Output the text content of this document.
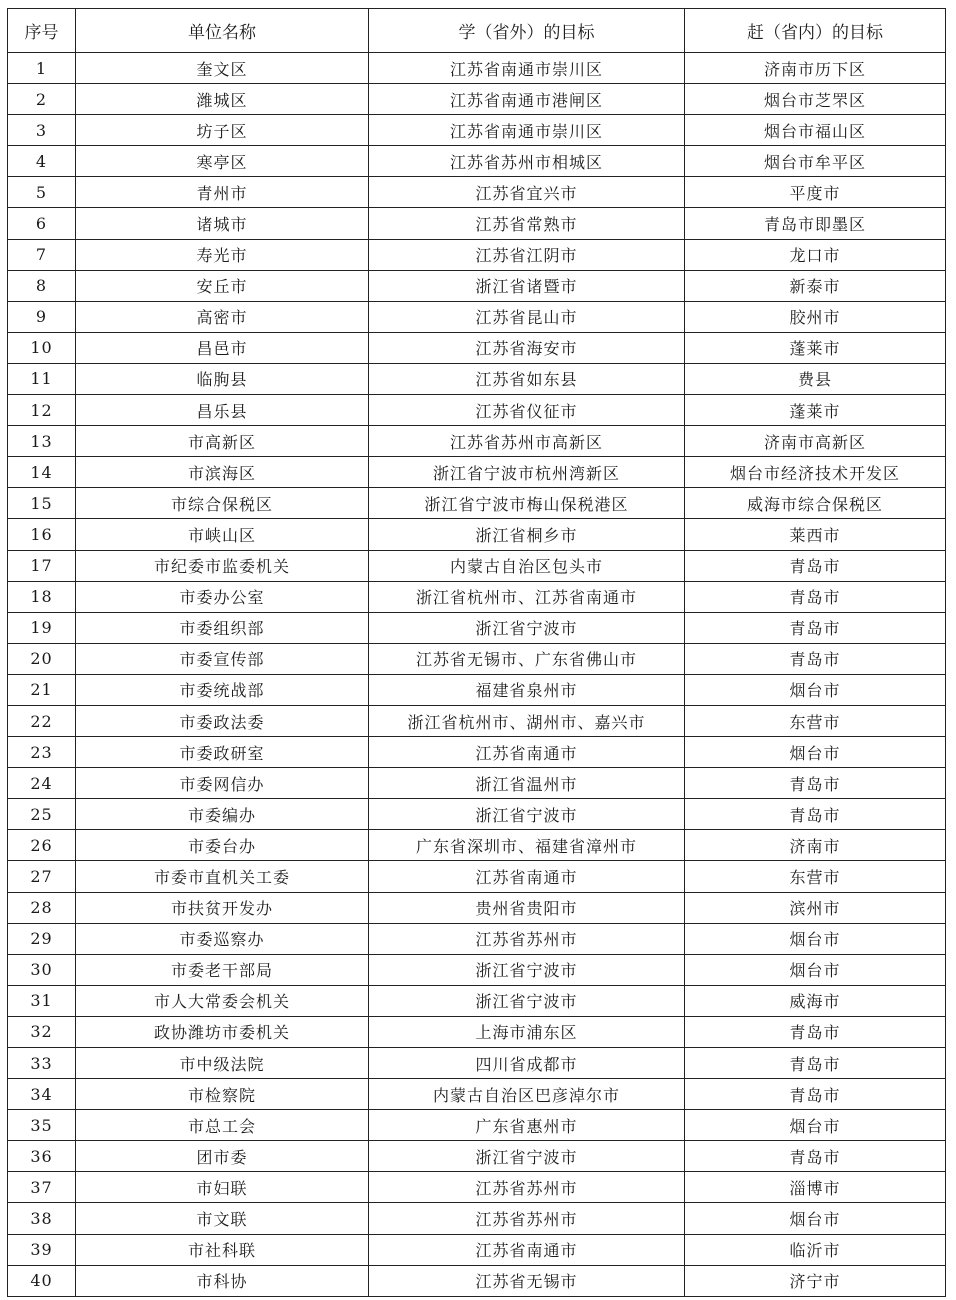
序号	单位名称	学（省外）的目标	赶（省内）的目标
1	奎文区	江苏省南通市崇川区	济南市历下区
2	潍城区	江苏省南通市港闸区	烟台市芝罘区
3	坊子区	江苏省南通市崇川区	烟台市福山区
4	寒亭区	江苏省苏州市相城区	烟台市牟平区
5	青州市	江苏省宜兴市	平度市
6	诸城市	江苏省常熟市	青岛市即墨区
7	寿光市	江苏省江阴市	龙口市
8	安丘市	浙江省诸暨市	新泰市
9	高密市	江苏省昆山市	胶州市
10	昌邑市	江苏省海安市	蓬莱市
11	临朐县	江苏省如东县	费县
12	昌乐县	江苏省仪征市	蓬莱市
13	市高新区	江苏省苏州市高新区	济南市高新区
14	市滨海区	浙江省宁波市杭州湾新区	烟台市经济技术开发区
15	市综合保税区	浙江省宁波市梅山保税港区	威海市综合保税区
16	市峡山区	浙江省桐乡市	莱西市
17	市纪委市监委机关	内蒙古自治区包头市	青岛市
18	市委办公室	浙江省杭州市、江苏省南通市	青岛市
19	市委组织部	浙江省宁波市	青岛市
20	市委宣传部	江苏省无锡市、广东省佛山市	青岛市
21	市委统战部	福建省泉州市	烟台市
22	市委政法委	浙江省杭州市、湖州市、嘉兴市	东营市
23	市委政研室	江苏省南通市	烟台市
24	市委网信办	浙江省温州市	青岛市
25	市委编办	浙江省宁波市	青岛市
26	市委台办	广东省深圳市、福建省漳州市	济南市
27	市委市直机关工委	江苏省南通市	东营市
28	市扶贫开发办	贵州省贵阳市	滨州市
29	市委巡察办	江苏省苏州市	烟台市
30	市委老干部局	浙江省宁波市	烟台市
31	市人大常委会机关	浙江省宁波市	威海市
32	政协潍坊市委机关	上海市浦东区	青岛市
33	市中级法院	四川省成都市	青岛市
34	市检察院	内蒙古自治区巴彦淖尔市	青岛市
35	市总工会	广东省惠州市	烟台市
36	团市委	浙江省宁波市	青岛市
37	市妇联	江苏省苏州市	淄博市
38	市文联	江苏省苏州市	烟台市
39	市社科联	江苏省南通市	临沂市
40	市科协	江苏省无锡市	济宁市
